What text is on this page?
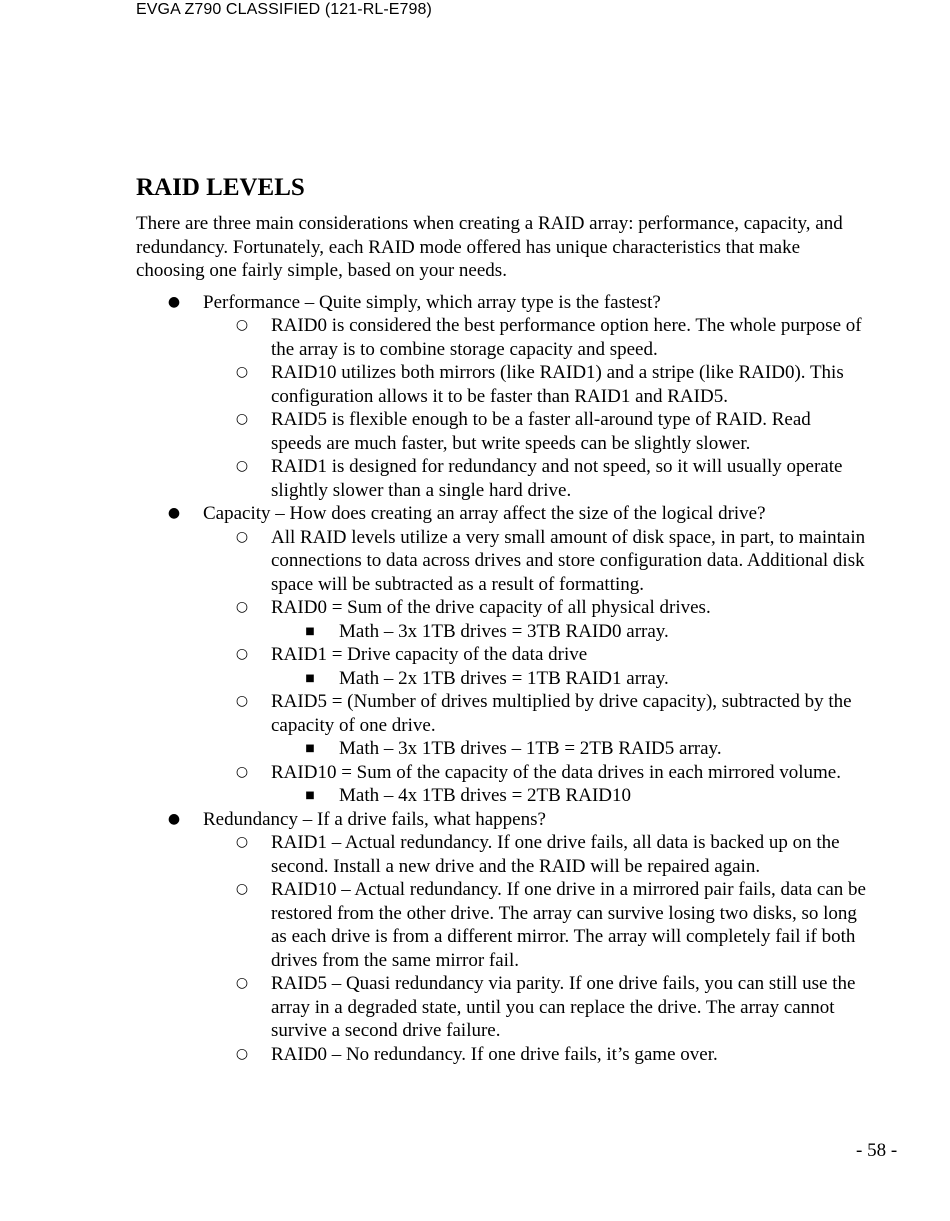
EVGA Z790 CLASSIFIED (121-RL-E798)
RAID LEVELS

There are three main considerations when creating a RAID array: performance, capacity, and redundancy. Fortunately, each RAID mode offered has unique characteristics that make choosing one fairly simple, based on your needs.

● Performance – Quite simply, which array type is the fastest?
○ RAID0 is considered the best performance option here. The whole purpose of the array is to combine storage capacity and speed.
○ RAID10 utilizes both mirrors (like RAID1) and a stripe (like RAID0). This configuration allows it to be faster than RAID1 and RAID5.
○ RAID5 is flexible enough to be a faster all-around type of RAID. Read speeds are much faster, but write speeds can be slightly slower.
○ RAID1 is designed for redundancy and not speed, so it will usually operate slightly slower than a single hard drive.
● Capacity – How does creating an array affect the size of the logical drive?
○ All RAID levels utilize a very small amount of disk space, in part, to maintain connections to data across drives and store configuration data. Additional disk space will be subtracted as a result of formatting.
○ RAID0 = Sum of the drive capacity of all physical drives.
■ Math – 3x 1TB drives = 3TB RAID0 array.
○ RAID1 = Drive capacity of the data drive
■ Math – 2x 1TB drives = 1TB RAID1 array.
○ RAID5 = (Number of drives multiplied by drive capacity), subtracted by the capacity of one drive.
■ Math – 3x 1TB drives – 1TB = 2TB RAID5 array.
○ RAID10 = Sum of the capacity of the data drives in each mirrored volume.
■ Math – 4x 1TB drives = 2TB RAID10
● Redundancy – If a drive fails, what happens?
○ RAID1 – Actual redundancy. If one drive fails, all data is backed up on the second. Install a new drive and the RAID will be repaired again.
○ RAID10 – Actual redundancy. If one drive in a mirrored pair fails, data can be restored from the other drive. The array can survive losing two disks, so long as each drive is from a different mirror. The array will completely fail if both drives from the same mirror fail.
○ RAID5 – Quasi redundancy via parity. If one drive fails, you can still use the array in a degraded state, until you can replace the drive. The array cannot survive a second drive failure.
○ RAID0 – No redundancy. If one drive fails, it’s game over.
- 58 -
